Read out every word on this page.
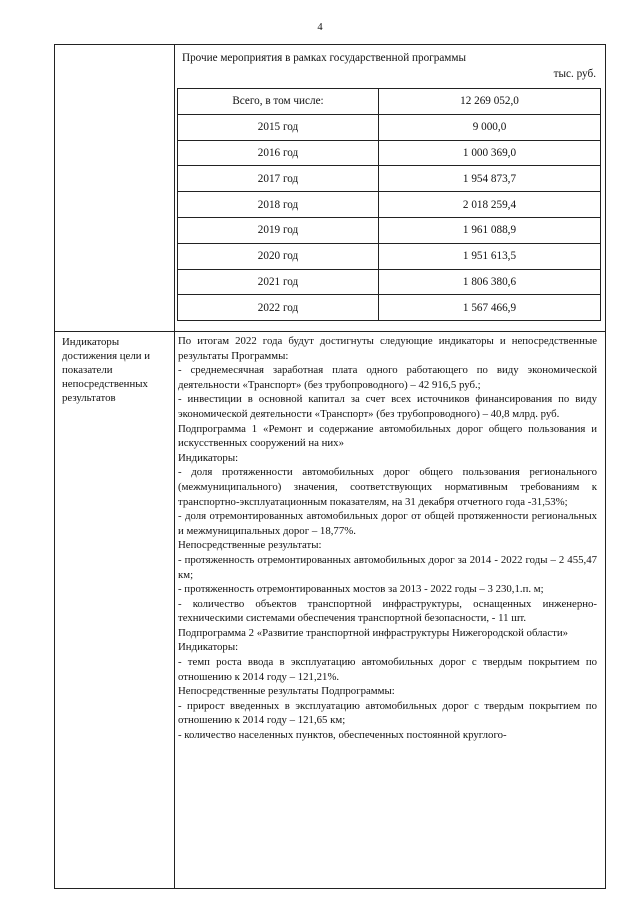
4
Прочие мероприятия в рамках государственной программы
тыс. руб.
Всего, в том числе:	12 269 052,0
2015 год	9 000,0
2016 год	1 000 369,0
2017 год	1 954 873,7
2018 год	2 018 259,4
2019 год	1 961 088,9
2020 год	1 951 613,5
2021 год	1 806 380,6
2022 год	1 567 466,9
Индикаторы достижения цели и показатели непосредственных результатов

По итогам 2022 года будут достигнуты следующие индикаторы и непосредственные результаты Программы:

- среднемесячная заработная плата одного работающего по виду экономической деятельности «Транспорт» (без трубопроводного) – 42 916,5 руб.;

- инвестиции в основной капитал за счет всех источников финансирования по виду экономической деятельности «Транспорт» (без трубопроводного) – 40,8 млрд. руб.

Подпрограмма 1 «Ремонт и содержание автомобильных дорог общего пользования и искусственных сооружений на них»

Индикаторы:

- доля протяженности автомобильных дорог общего пользования регионального (межмуниципального) значения, соответствующих нормативным требованиям к транспортно-эксплуатационным показателям, на 31 декабря отчетного года -31,53%;

- доля отремонтированных автомобильных дорог от общей протяженности региональных и межмуниципальных дорог – 18,77%.

Непосредственные результаты:

- протяженность отремонтированных автомобильных дорог за 2014 - 2022 годы – 2 455,47 км;

- протяженность отремонтированных мостов за 2013 - 2022 годы – 3 230,1.п. м;

- количество объектов транспортной инфраструктуры, оснащенных инженерно-техническими системами обеспечения транспортной безопасности, - 11 шт.

Подпрограмма 2 «Развитие транспортной инфраструктуры Нижегородской области»

Индикаторы:

- темп роста ввода в эксплуатацию автомобильных дорог с твердым покрытием по отношению к 2014 году – 121,21%.

Непосредственные результаты Подпрограммы:

- прирост введенных в эксплуатацию автомобильных дорог с твердым покрытием по отношению к 2014 году – 121,65 км;

- количество населенных пунктов, обеспеченных постоянной круглого-
